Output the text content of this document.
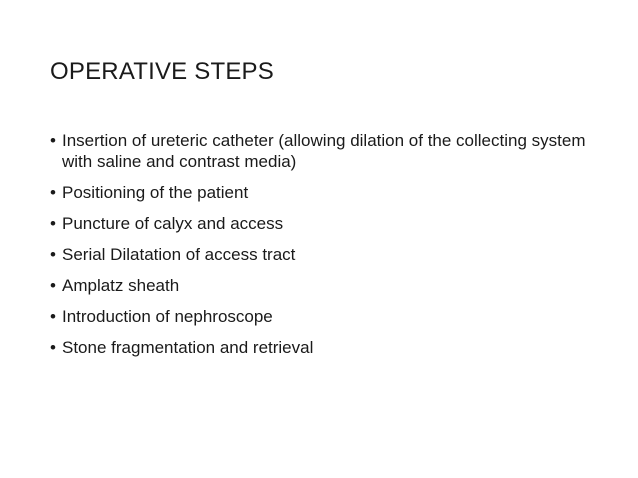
OPERATIVE STEPS
• Insertion of ureteric catheter (allowing dilation of the collecting system with saline and contrast media)
• Positioning of the patient
• Puncture of calyx and access
• Serial Dilatation of access tract
• Amplatz sheath
• Introduction of nephroscope
• Stone fragmentation and retrieval
